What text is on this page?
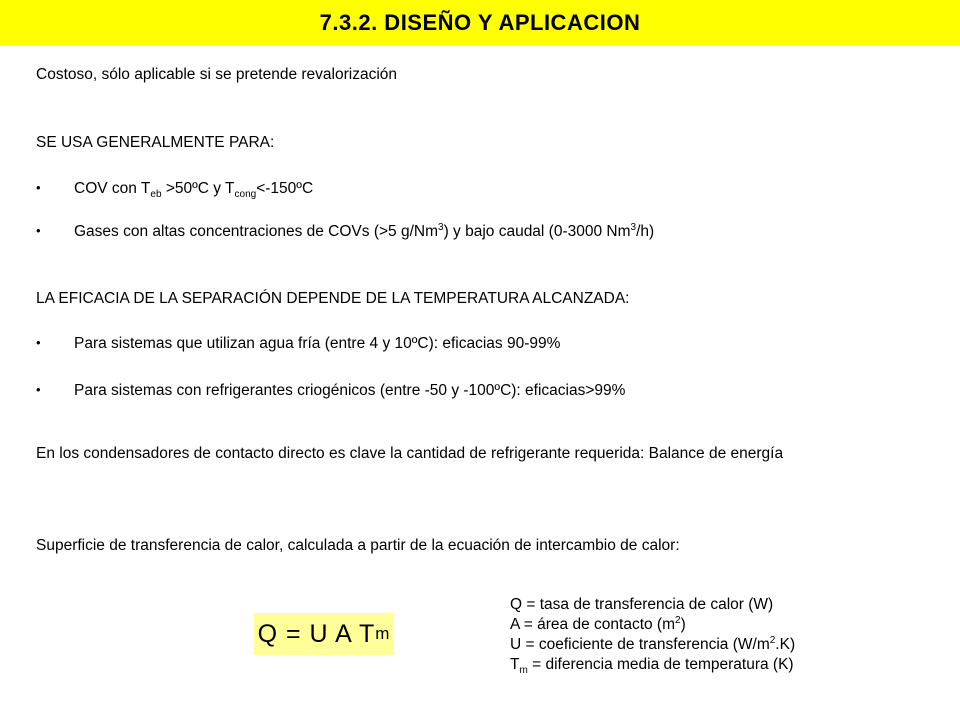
7.3.2. DISEÑO Y APLICACION
Costoso, sólo aplicable si se pretende revalorización
SE USA GENERALMENTE PARA:
• COV con $T_{eb}$ >50ºC y $T_{cong}<-150ºC$
• Gases con altas concentraciones de COVs (>5 g/Nm$^3$) y bajo caudal (0-3000 Nm$^3$/h)
LA EFICACIA DE LA SEPARACIÓN DEPENDE DE LA TEMPERATURA ALCANZADA:
• Para sistemas que utilizan agua fría (entre 4 y 10ºC): eficacias 90-99%
• Para sistemas con refrigerantes criogénicos (entre -50 y -100ºC): eficacias>99%
En los condensadores de contacto directo es clave la cantidad de refrigerante requerida: Balance de energía
Superficie de transferencia de calor, calculada a partir de la ecuación de intercambio de calor:
Q = U A T m
Q = tasa de transferencia de calor (W)
A = área de contacto $(m^2)$
U = coeficiente de transferencia $(W/m^2.K)$
$T_m$ = diferencia media de temperatura (K)
